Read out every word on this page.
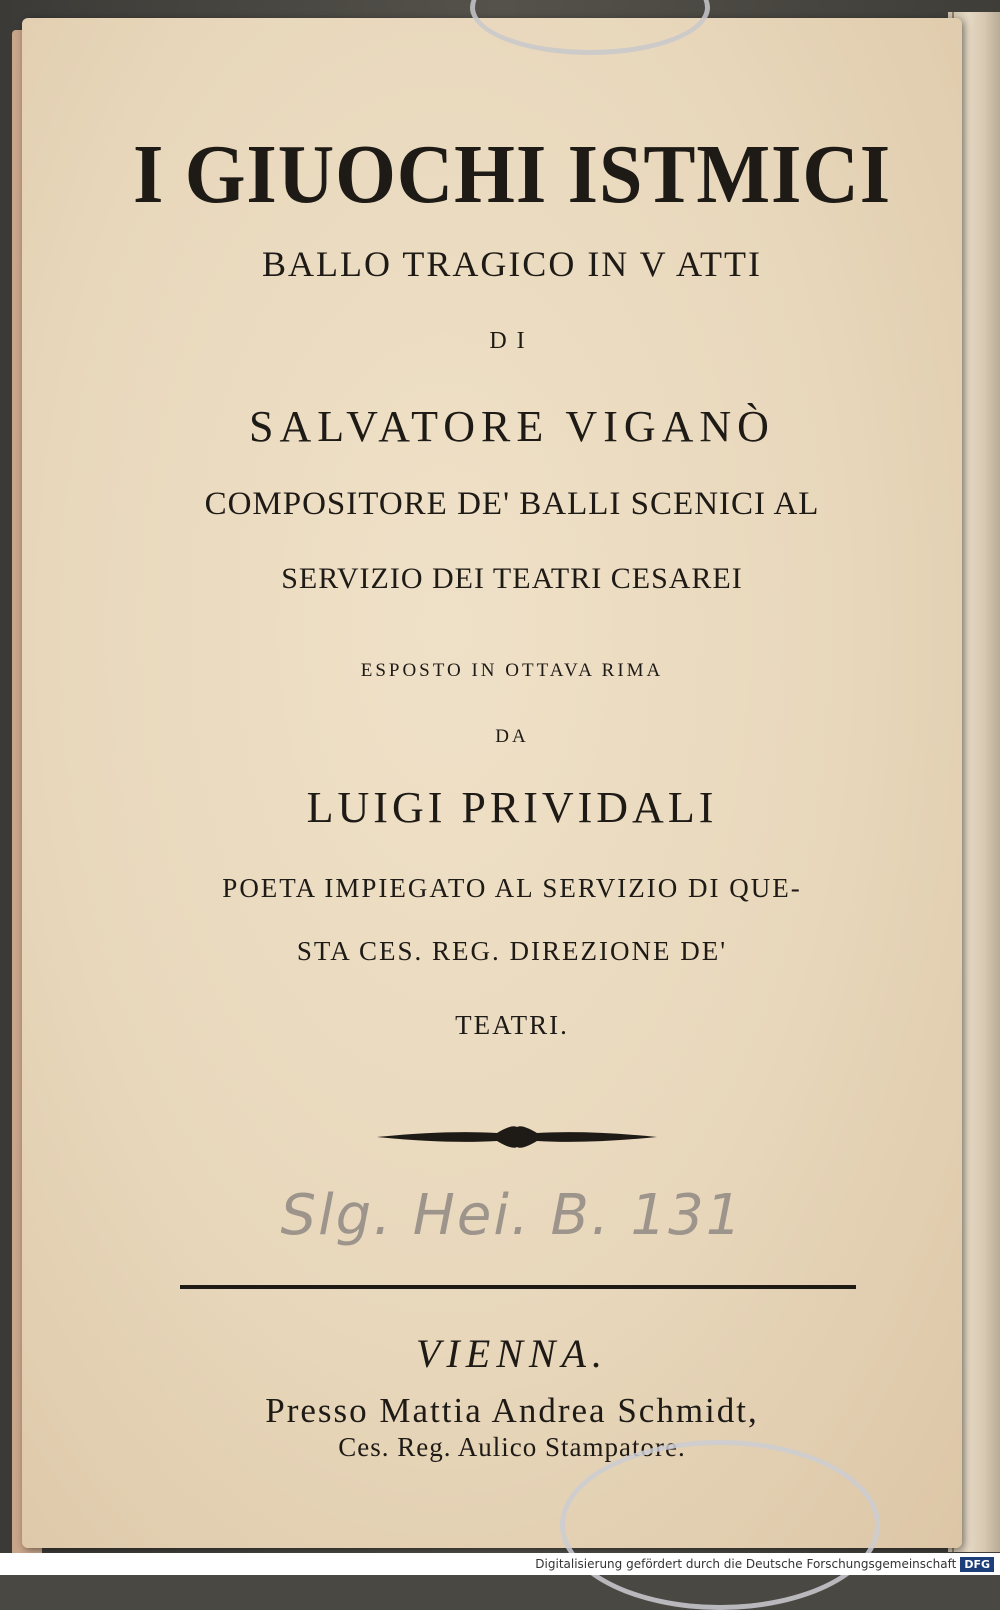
I GIUOCHI ISTMICI
BALLO TRAGICO IN V ATTI
DI
SALVATORE VIGANÒ
COMPOSITORE DE' BALLI SCENICI AL
SERVIZIO DEI TEATRI CESAREI
ESPOSTO IN OTTAVA RIMA
DA
LUIGI PRIVIDALI
POETA IMPIEGATO AL SERVIZIO DI QUE-
STA CES. REG. DIREZIONE DE'
TEATRI.
Slg. Hei. B. 131
VIENNA.
Presso Mattia Andrea Schmidt,
Ces. Reg. Aulico Stampatore.
Digitalisierung gefördert durch die Deutsche Forschungsgemeinschaft DFG
